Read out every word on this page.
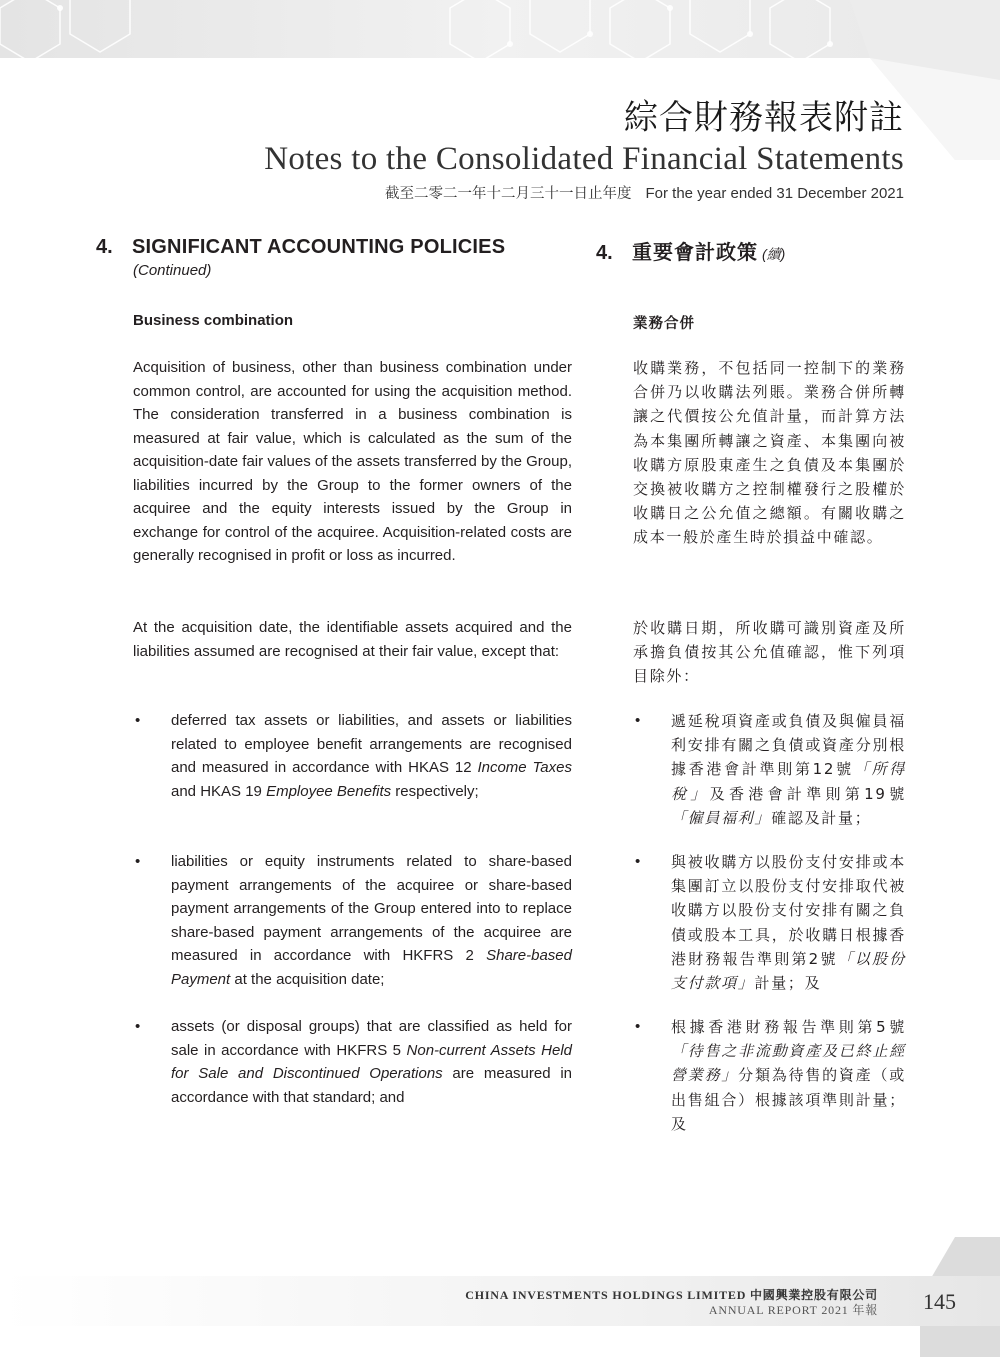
綜合財務報表附註
Notes to the Consolidated Financial Statements
截至二零二一年十二月三十一日止年度 For the year ended 31 December 2021
4. SIGNIFICANT ACCOUNTING POLICIES
(Continued)
Business combination

Acquisition of business, other than business combination under common control, are accounted for using the acquisition method. The consideration transferred in a business combination is measured at fair value, which is calculated as the sum of the acquisition-date fair values of the assets transferred by the Group, liabilities incurred by the Group to the former owners of the acquiree and the equity interests issued by the Group in exchange for control of the acquiree. Acquisition-related costs are generally recognised in profit or loss as incurred.

At the acquisition date, the identifiable assets acquired and the liabilities assumed are recognised at their fair value, except that:

• deferred tax assets or liabilities, and assets or liabilities related to employee benefit arrangements are recognised and measured in accordance with HKAS 12 Income Taxes and HKAS 19 Employee Benefits respectively;

• liabilities or equity instruments related to share-based payment arrangements of the acquiree or share-based payment arrangements of the Group entered into to replace share-based payment arrangements of the acquiree are measured in accordance with HKFRS 2 Share-based Payment at the acquisition date;

• assets (or disposal groups) that are classified as held for sale in accordance with HKFRS 5 Non-current Assets Held for Sale and Discontinued Operations are measured in accordance with that standard; and

4. 重要會計政策 (續)
業務合併

收購業務，不包括同一控制下的業務合併乃以收購法列賬。業務合併所轉讓之代價按公允值計量，而計算方法為本集團所轉讓之資產、本集團向被收購方原股東產生之負債及本集團於交換被收購方之控制權發行之股權於收購日之公允值之總額。有關收購之成本一般於產生時於損益中確認。

於收購日期，所收購可識別資產及所承擔負債按其公允值確認，惟下列項目除外：

• 遞延稅項資產或負債及與僱員福利安排有關之負債或資產分別根據香港會計準則第12號「所得稅」及香港會計準則第19號「僱員福利」確認及計量；

• 與被收購方以股份支付安排或本集團訂立以股份支付安排取代被收購方以股份支付安排有關之負債或股本工具，於收購日根據香港財務報告準則第2號「以股份支付款項」計量；及

• 根據香港財務報告準則第5號「待售之非流動資產及已終止經營業務」分類為待售的資產（或出售組合）根據該項準則計量；及

CHINA INVESTMENTS HOLDINGS LIMITED 中國興業控股有限公司
ANNUAL REPORT 2021 年報 145
